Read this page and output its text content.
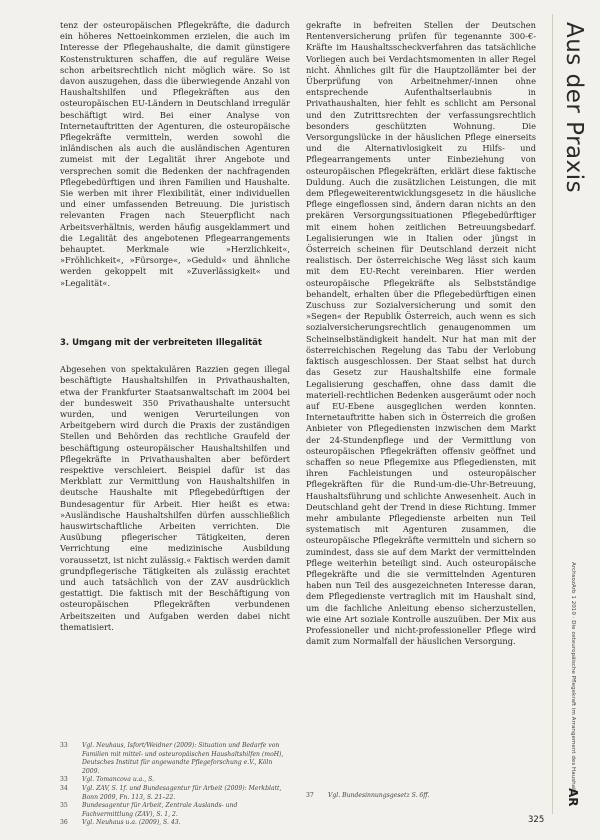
tenz der osteuropäischen Pflegekräfte, die dadurch ein höheres Nettoeinkommen erzielen, die auch im Interesse der Pflegehaushalte, die damit günstigere Kostenstrukturen schaffen, die auf reguläre Weise schon arbeitsrechtlich nicht möglich wäre. So ist davon auszugehen, dass die überwiegende Anzahl von Haushaltshilfen und Pflegekräften aus den osteuropäischen EU-Ländern in Deutschland irregulär beschäftigt wird. Bei einer Analyse von Internetauftritten der Agenturen, die osteuropäische Pflegekräfte vermitteln, werden sowohl die inländischen als auch die ausländischen Agenturen zumeist mit der Legalität ihrer Angebote und versprechen somit die Bedenken der nachfragenden Pflegebedürftigen und ihren Familien und Haushalte. Sie werben mit ihrer Flexibilität, einer individuellen und einer umfassenden Betreuung. Die juristisch relevanten Fragen nach Steuerpflicht nach Arbeitsverhältnis, werden häufig ausgeklammert und die Legalität des angebotenen Pflegearrangements behauptet. Merkmale wie »Herzlichkeit«, »Fröhlichkeit«, »Fürsorge«, »Geduld« und ähnliche werden gekoppelt mit »Zuverlässigkeit« und »Legalität«.

3. Umgang mit der verbreiteten Illegalität

Abgesehen von spektakulären Razzien gegen illegal beschäftigte Haushaltshilfen in Privathaushalten, etwa der Frankfurter Staatsanwaltschaft im 2004 bei der bundesweit 350 Privathaushalte untersucht wurden, und wenigen Verurteilungen von Arbeitgebern wird durch die Praxis der zuständigen Stellen und Behörden das rechtliche Graufeld der beschäftigung osteuropäischer Haushaltshilfen und Pflegekräfte in Privathaushalten aber befördert respektive verschleiert. Beispiel dafür ist das Merkblatt zur Vermittlung von Haushaltshilfen in deutsche Haushalte mit Pflegebedürftigen der Bundesagentur für Arbeit. Hier heißt es etwa: »Ausländische Haushaltshilfen dürfen ausschließlich hauswirtschaftliche Arbeiten verrichten. Die Ausübung pflegerischer Tätigkeiten, deren Verrichtung eine medizinische Ausbildung voraussetzt, ist nicht zulässig.« Faktisch werden damit grundpflegerische Tätigkeiten als zulässig erachtet und auch tatsächlich von der ZAV ausdrücklich gestattigt. Die faktisch mit der Beschäftigung von osteuropäischen Pflegekräften verbundenen Arbeitszeiten und Aufgaben werden dabei nicht thematisiert.

33	Vgl. Neuhaus, Isfort/Weidner (2009): Situation und Bedarfe von Familien mit mittel- und osteuropäischen Haushaltshilfen (moH), Deutsches Institut für angewandte Pflegeforschung e.V., Köln 2009.
33	Vgl. Tomancova u.a., S.
34	Vgl. ZAV, S. 1f. und Bundesagentur für Arbeit (2009): Merkblatt, Bonn 2009, Fn. 113, S. 21–22.
35	Bundesagentur für Arbeit, Zentrale Auslands- und Fachvermittlung (ZAV), S. 1, 2.
36	Vgl. Neuhaus u.a. (2009), S. 43.

gekrafte in befreiten Stellen der Deutschen Rentenversicherung prüfen für tegenannte 300-€-Kräfte im Haushaltsscheckverfahren das tatsächliche Vorliegen auch bei Verdachtsmomenten in aller Regel nicht. Ähnliches gilt für die Hauptzollämter bei der Überprüfung von Arbeitnehmer/-innen ohne entsprechende Aufenthaltserlaubnis in Privathaushalten, hier fehlt es schlicht am Personal und den Zutrittsrechten der verfassungsrechtlich besonders geschützten Wohnung. Die Versorgungslücke in der häuslichen Pflege einerseits und die Alternativlosigkeit zu Hilfs- und Pflegearrangements unter Einbeziehung von osteuropäischen Pflegekräften, erklärt diese faktische Duldung. Auch die zusätzlichen Leistungen, die mit dem Pflegeweiterentwicklungsgesetz in die häusliche Pflege eingeflossen sind, ändern daran nichts an den prekären Versorgungssituationen Pflegebedürftiger mit einem hohen zeitlichen Betreuungsbedarf. Legalisierungen wie in Italien oder jüngst in Österreich scheinen für Deutschland derzeit nicht realistisch. Der österreichische Weg lässt sich kaum mit dem EU-Recht vereinbaren. Hier werden osteuropäische Pflegekräfte als Selbstständige behandelt, erhalten über die Pflegebedürftigen einen Zuschuss zur Sozialversicherung und somit den »Segen« der Republik Österreich, auch wenn es sich sozialversicherungsrechtlich genaugenommen um Scheinselbständigkeit handelt. Nur hat man mit der österreichischen Regelung das Tabu der Verlobung faktisch ausgeschlossen. Der Staat selbst hat durch das Gesetz zur Haushaltshilfe eine formale Legalisierung geschaffen, ohne dass damit die materiell-rechtlichen Bedenken ausgeräumt oder noch auf EU-Ebene ausgeglichen werden konnten. Internetauftritte haben sich in Österreich die großen Anbieter von Pflegediensten inzwischen dem Markt der 24-Stundenpflege und der Vermittlung von osteuropäischen Pflegekräften offensiv geöffnet und schaffen so neue Pflegemixe aus Pflegediensten, mit ihren Fachleistungen und osteuropäischer Pflegekräften für die Rund-um-die-Uhr-Betreuung, Haushaltsführung und schlichte Anwesenheit. Auch in Deutschland geht der Trend in diese Richtung. Immer mehr ambulante Pflegedienste arbeiten nun Teil systematisch mit Agenturen zusammen, die osteuropäische Pflegekräfte vermitteln und sichern so zumindest, dass sie auf dem Markt der vermittelnden Pflege weiterhin beteiligt sind. Auch osteuropäische Pflegekräfte und die sie vermittelnden Agenturen haben nun Teil des ausgezeichneten Interesse daran, dem Pflegedienste vertraglich mit im Haushalt sind, um die fachliche Anleitung ebenso sicherzustellen, wie eine Art soziale Kontrolle auszuüben. Der Mix aus Professioneller und nicht-professioneller Pflege wird damit zum Normalfall der häuslichen Versorgung.

37	Vgl. Bundesinnungsgesetz S. 6ff.
Aus der Praxis
ArchsozArb 1 2010 · Die osteuropäische Pflegekraft im Arrangement des Haushalts
AR
325
